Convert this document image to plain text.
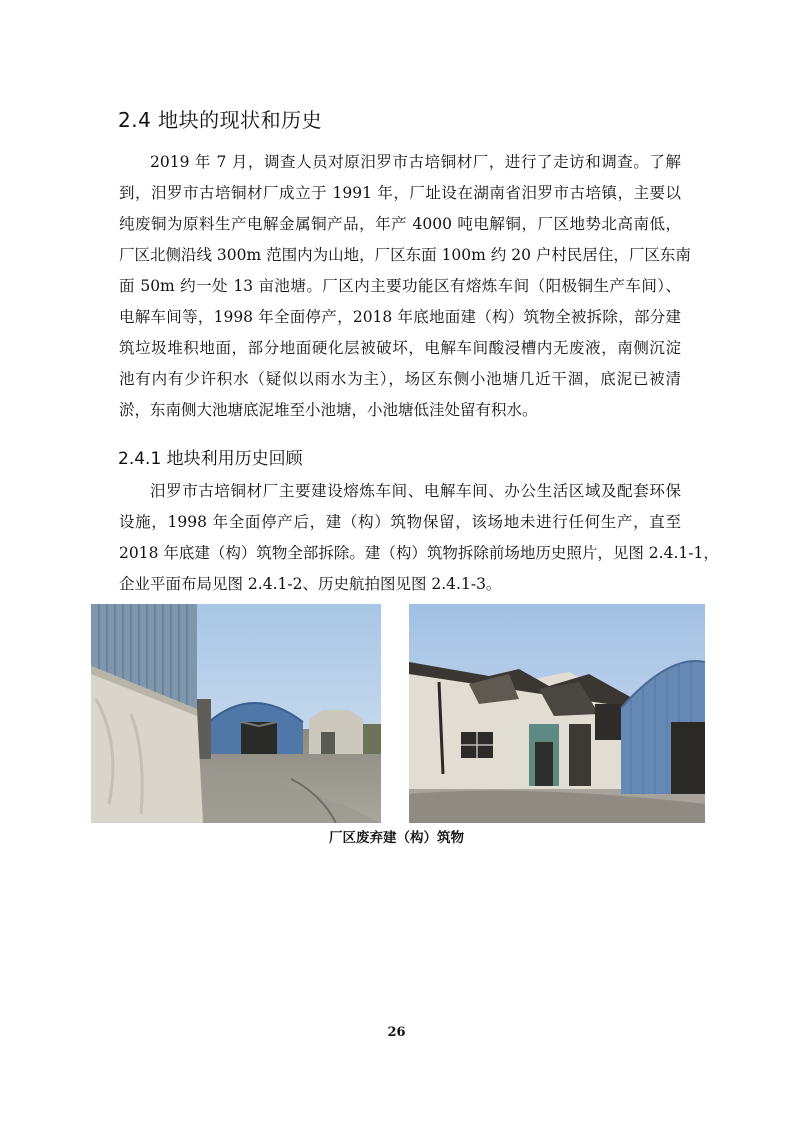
2.4 地块的现状和历史
2019 年 7 月，调查人员对原汨罗市古培铜材厂，进行了走访和调查。了解
到，汨罗市古培铜材厂成立于 1991 年，厂址设在湖南省汨罗市古培镇，主要以
纯废铜为原料生产电解金属铜产品，年产 4000 吨电解铜，厂区地势北高南低，
厂区北侧沿线 300m 范围内为山地，厂区东面 100m 约 20 户村民居住，厂区东南
面 50m 约一处 13 亩池塘。厂区内主要功能区有熔炼车间（阳极铜生产车间）、
电解车间等，1998 年全面停产，2018 年底地面建（构）筑物全被拆除，部分建
筑垃圾堆积地面，部分地面硬化层被破坏，电解车间酸浸槽内无废液，南侧沉淀
池有内有少许积水（疑似以雨水为主），场区东侧小池塘几近干涸，底泥已被清
淤，东南侧大池塘底泥堆至小池塘，小池塘低洼处留有积水。
2.4.1 地块利用历史回顾
汨罗市古培铜材厂主要建设熔炼车间、电解车间、办公生活区域及配套环保
设施，1998 年全面停产后，建（构）筑物保留，该场地未进行任何生产，直至
2018 年底建（构）筑物全部拆除。建（构）筑物拆除前场地历史照片，见图 2.4.1-1，
企业平面布局见图 2.4.1-2、历史航拍图见图 2.4.1-3。
厂区废弃建（构）筑物
26
